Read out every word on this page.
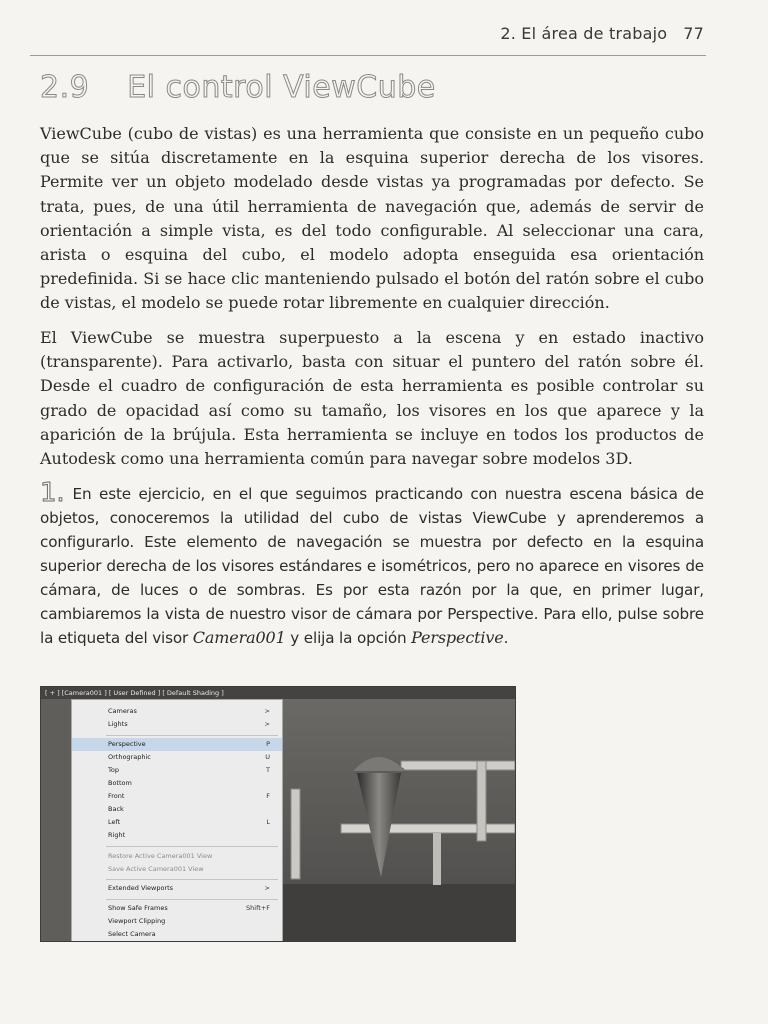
2. El área de trabajo 77
2.9 El control ViewCube

ViewCube (cubo de vistas) es una herramienta que consiste en un pequeño cubo que se sitúa discretamente en la esquina superior derecha de los visores. Permite ver un objeto modelado desde vistas ya programadas por defecto. Se trata, pues, de una útil herramienta de navegación que, además de servir de orientación a simple vista, es del todo configurable. Al seleccionar una cara, arista o esquina del cubo, el modelo adopta enseguida esa orientación predefinida. Si se hace clic manteniendo pulsado el botón del ratón sobre el cubo de vistas, el modelo se puede rotar libremente en cualquier dirección.

El ViewCube se muestra superpuesto a la escena y en estado inactivo (transparente). Para activarlo, basta con situar el puntero del ratón sobre él. Desde el cuadro de configuración de esta herramienta es posible controlar su grado de opacidad así como su tamaño, los visores en los que aparece y la aparición de la brújula. Esta herramienta se incluye en todos los productos de Autodesk como una herramienta común para navegar sobre modelos 3D.

1. En este ejercicio, en el que seguimos practicando con nuestra escena básica de objetos, conoceremos la utilidad del cubo de vistas ViewCube y aprenderemos a configurarlo. Este elemento de navegación se muestra por defecto en la esquina superior derecha de los visores estándares e isométricos, pero no aparece en visores de cámara, de luces o de sombras. Es por esta razón por la que, en primer lugar, cambiaremos la vista de nuestro visor de cámara por Perspective. Para ello, pulse sobre la etiqueta del visor Camera001 y elija la opción Perspective.

[ + ] [Camera001 ] [ User Defined ] [ Default Shading ]
Cameras	>
Lights	>
Perspective	P
Orthographic	U
Top	T
Bottom
Front	F
Back
Left	L
Right
Restore Active Camera001 View
Save Active Camera001 View
Extended Viewports	>
Show Safe Frames	Shift+F
Viewport Clipping
Select Camera
